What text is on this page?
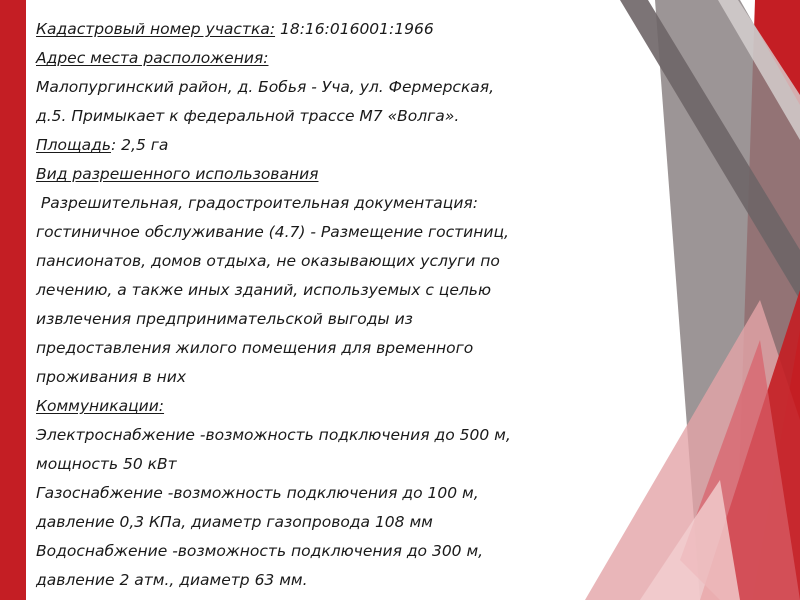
Кадастровый номер участка: 18:16:016001:1966
Адрес места расположения:
Малопургинский район, д. Бобья - Уча, ул. Фермерская,
д.5. Примыкает к федеральной трассе М7 «Волга».
Площадь: 2,5 га
Вид разрешенного использования
Разрешительная, градостроительная документация:
гостиничное обслуживание (4.7) - Размещение гостиниц,
пансионатов, домов отдыха, не оказывающих услуги по
лечению, а также иных зданий, используемых с целью
извлечения предпринимательской выгоды из
предоставления жилого помещения для временного
проживания в них
Коммуникации:
Электроснабжение -возможность подключения до 500 м,
мощность 50 кВт
Газоснабжение -возможность подключения до 100 м,
давление 0,3 КПа, диаметр газопровода 108 мм
Водоснабжение -возможность подключения до 300 м,
давление 2 атм., диаметр 63 мм.
